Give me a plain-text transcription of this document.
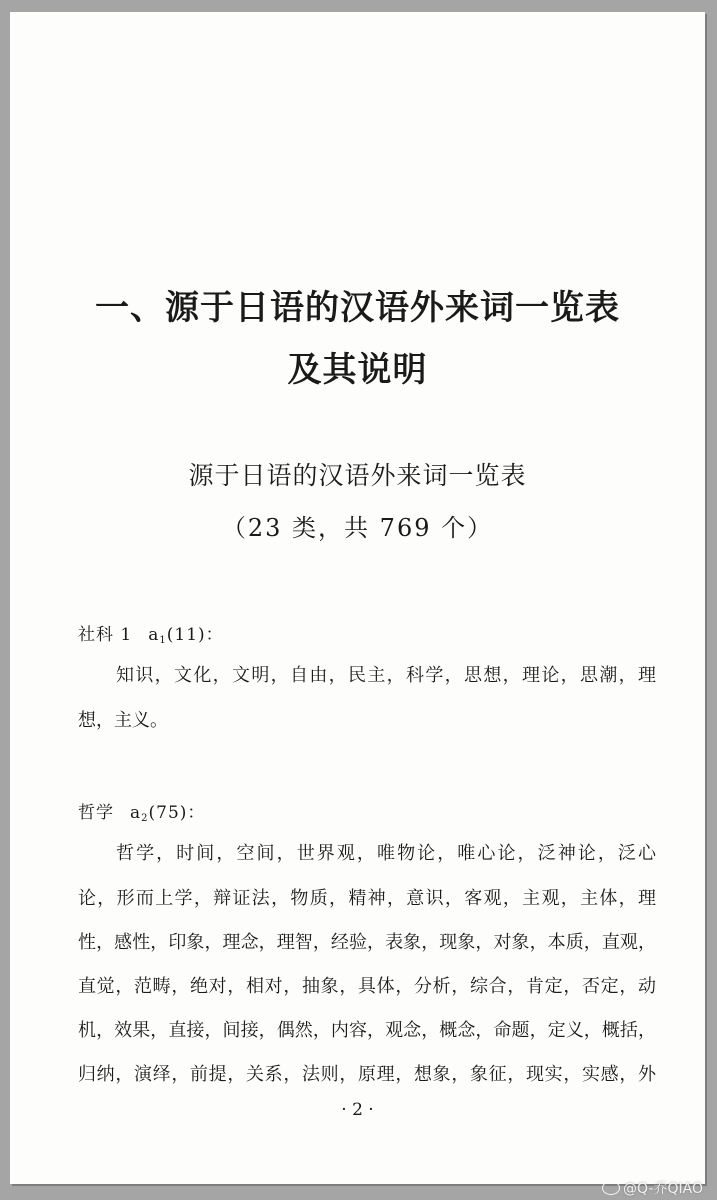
一、源于日语的汉语外来词一览表
及其说明
源于日语的汉语外来词一览表
（23 类，共 769 个）
社科 1 $a_1(11)$：
知识，文化，文明，自由，民主，科学，思想，理论，思潮，理
想，主义。
哲学 $a_2(75)$：
哲学，时间，空间，世界观，唯物论，唯心论，泛神论，泛心
论，形而上学，辩证法，物质，精神，意识，客观，主观，主体，理
性，感性，印象，理念，理智，经验，表象，现象，对象，本质，直观，
直觉，范畴，绝对，相对，抽象，具体，分析，综合，肯定，否定，动
机，效果，直接，间接，偶然，内容，观念，概念，命题，定义，概括，
归纳，演绎，前提，关系，法则，原理，想象，象征，现实，实感，外
· 2 ·
@Q-乔QIAO
